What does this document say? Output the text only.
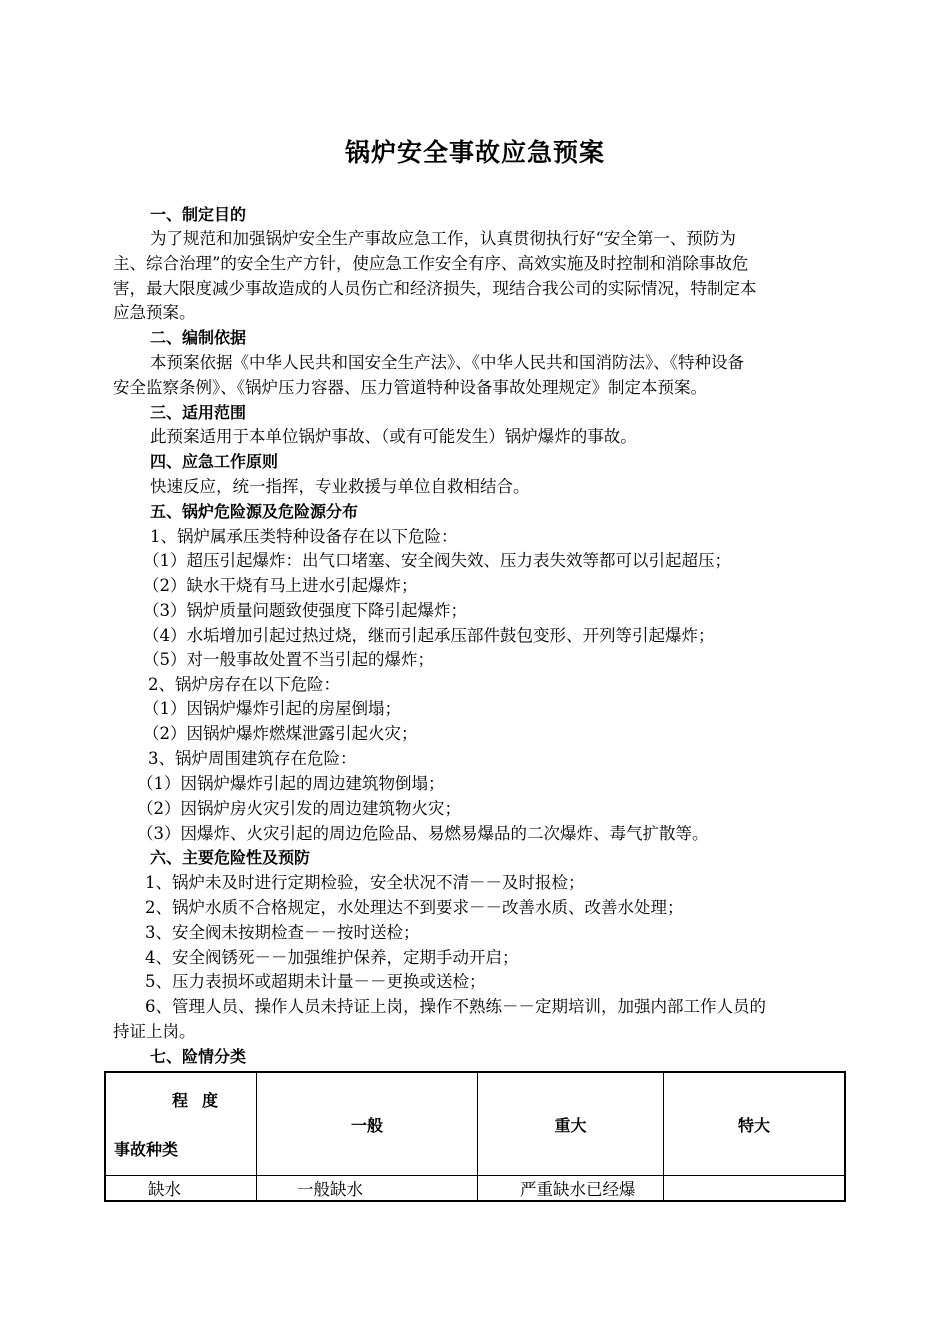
锅炉安全事故应急预案
一、制定目的
为了规范和加强锅炉安全生产事故应急工作，认真贯彻执行好“安全第一、预防为
主、综合治理”的安全生产方针，使应急工作安全有序、高效实施及时控制和消除事故危
害，最大限度减少事故造成的人员伤亡和经济损失，现结合我公司的实际情况，特制定本
应急预案。
二、编制依据
本预案依据《中华人民共和国安全生产法》、《中华人民共和国消防法》、《特种设备
安全监察条例》、《锅炉压力容器、压力管道特种设备事故处理规定》制定本预案。
三、适用范围
此预案适用于本单位锅炉事故、（或有可能发生）锅炉爆炸的事故。
四、应急工作原则
快速反应，统一指挥，专业救援与单位自救相结合。
五、锅炉危险源及危险源分布
1、锅炉属承压类特种设备存在以下危险：
（1）超压引起爆炸：出气口堵塞、安全阀失效、压力表失效等都可以引起超压；
（2）缺水干烧有马上进水引起爆炸；
（3）锅炉质量问题致使强度下降引起爆炸；
（4）水垢增加引起过热过烧，继而引起承压部件鼓包变形、开列等引起爆炸；
（5）对一般事故处置不当引起的爆炸；
2、锅炉房存在以下危险：
（1）因锅炉爆炸引起的房屋倒塌；
（2）因锅炉爆炸燃煤泄露引起火灾；
3、锅炉周围建筑存在危险：
（1）因锅炉爆炸引起的周边建筑物倒塌；
（2）因锅炉房火灾引发的周边建筑物火灾；
（3）因爆炸、火灾引起的周边危险品、易燃易爆品的二次爆炸、毒气扩散等。
六、主要危险性及预防
1、锅炉未及时进行定期检验，安全状况不清－－及时报检；
2、锅炉水质不合格规定，水处理达不到要求－－改善水质、改善水处理；
3、安全阀未按期检查－－按时送检；
4、安全阀锈死－－加强维护保养，定期手动开启；
5、压力表损坏或超期未计量－－更换或送检；
6、管理人员、操作人员未持证上岗，操作不熟练－－定期培训，加强内部工作人员的
持证上岗。
七、险情分类
程度
事故种类	一般	重大	特大
缺水	一般缺水	严重缺水已经爆	
